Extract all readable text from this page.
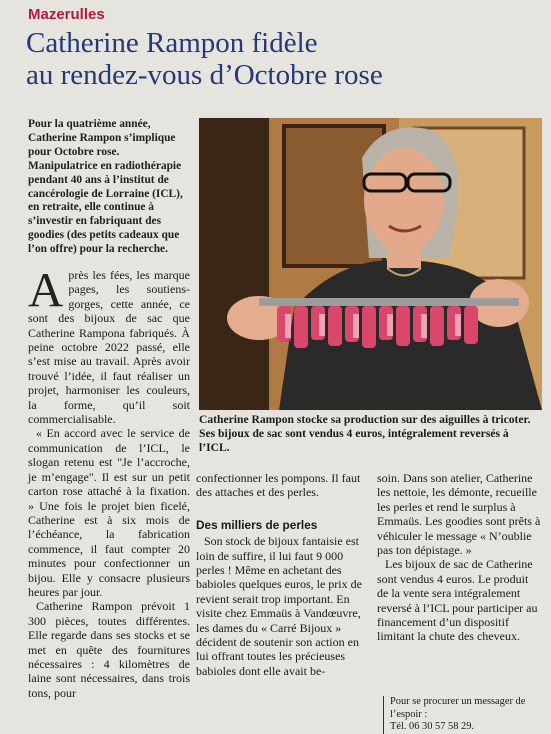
Mazerulles
Catherine Rampon fidèle
au rendez-vous d’Octobre rose
Pour la quatrième année, Catherine Rampon s’implique pour Octobre rose. Manipulatrice en radiothérapie pendant 40 ans à l’institut de cancérologie de Lorraine (ICL), en retraite, elle continue à s’investir en fabriquant des goodies (des petits cadeaux que l’on offre) pour la recherche.

Après les fées, les marque pages, les soutiens-gorges, cette année, ce sont des bijoux de sac que Catherine Rampona fabriqués. À peine octobre 2022 passé, elle s’est mise au travail. Après avoir trouvé l’idée, il faut réaliser un projet, harmoniser les couleurs, la forme, qu’il soit commercialisable.

« En accord avec le service de communication de l’ICL, le slogan retenu est "Je l’accroche, je m’engage". Il est sur un petit carton rose attaché à la fixation. » Une fois le projet bien ficelé, Catherine est à six mois de l’échéance, la fabrication commence, il faut compter 20 minutes pour confectionner un bijou. Elle y consacre plusieurs heures par jour.

Catherine Rampon prévoit 1 300 pièces, toutes différentes. Elle regarde dans ses stocks et se met en quête des fournitures nécessaires : 4 kilomètres de laine sont nécessaires, dans trois tons, pour

Catherine Rampon stocke sa production sur des aiguilles à tricoter. Ses bijoux de sac sont vendus 4 euros, intégralement reversés à l’ICL.

confectionner les pompons. Il faut des attaches et des perles.

Des milliers de perles

Son stock de bijoux fantaisie est loin de suffire, il lui faut 9 000 perles ! Même en achetant des babioles quelques euros, le prix de revient serait trop important. En visite chez Emmaüs à Vandœuvre, les dames du « Carré Bijoux » décident de soutenir son action en lui offrant toutes les précieuses babioles dont elle avait be-

soin. Dans son atelier, Catherine les nettoie, les démonte, recueille les perles et rend le surplus à Emmaüs. Les goodies sont prêts à véhiculer le message « N’oublie pas ton dépistage. »

Les bijoux de sac de Catherine sont vendus 4 euros. Le produit de la vente sera intégralement reversé à l’ICL pour participer au financement d’un dispositif limitant la chute des cheveux.

Pour se procurer un messager de l’espoir :
Tél. 06 30 57 58 29.
